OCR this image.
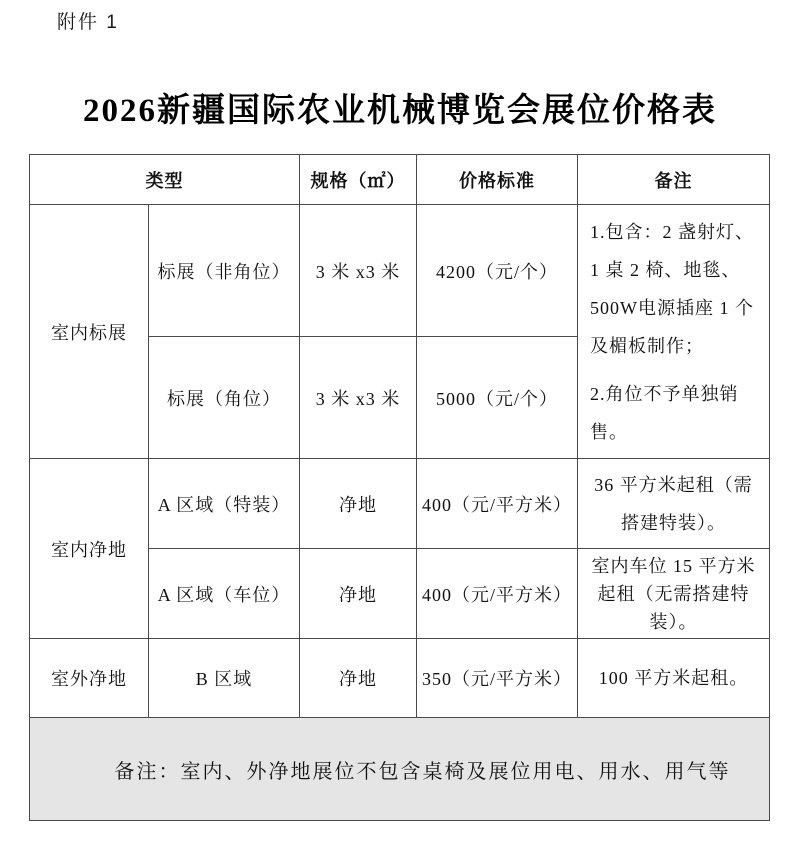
附件 1
2026新疆国际农业机械博览会展位价格表
类型		规格（㎡）	价格标准	备注
室内标展	标展（非角位）	3 米 x3 米	4200（元/个）	1.包含：2 盏射灯、1 桌 2 椅、地毯、500W电源插座 1 个及楣板制作；

2.角位不予单独销售。

	标展（角位）	3 米 x3 米	5000（元/个）	
室内净地	A 区域（特装）	净地	400（元/平方米）	36 平方米起租（需搭建特装）。
	A 区域（车位）	净地	400（元/平方米）	室内车位 15 平方米起租（无需搭建特装）。
室外净地	B 区域	净地	350（元/平方米）	100 平方米起租。
备注：室内、外净地展位不包含桌椅及展位用电、用水、用气等				
